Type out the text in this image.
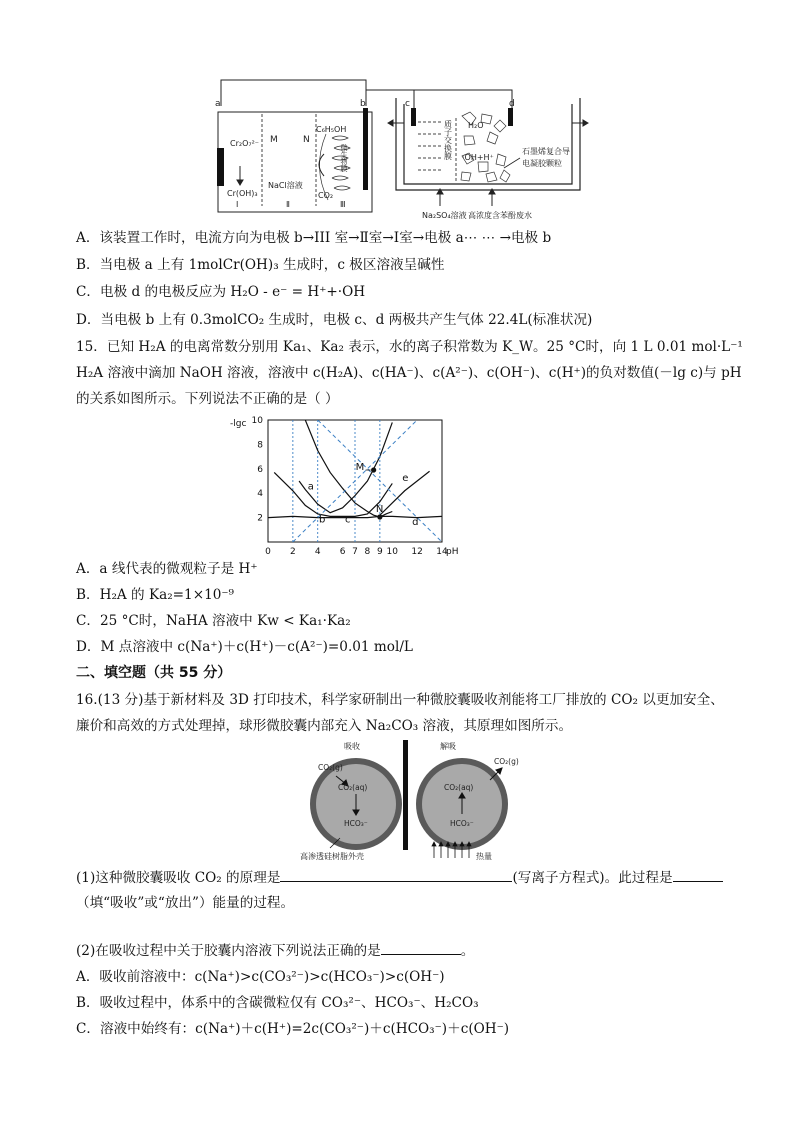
a	b	c	d
Cr₂O₇²⁻
Cr(OH)₃
M	N
NaCl溶液
C₆H₅OH
CO₂
Ⅰ	Ⅱ	Ⅲ
微生物膜	质子交换膜 H₂O
·OH+H⁺
石墨烯复合导
电凝胶颗粒
Na₂SO₄溶液 高浓度含苯酚废水
A．该装置工作时，电流方向为电极 b→III 室→Ⅱ室→Ⅰ室→电极 a⋯ ⋯ →电极 b
B．当电极 a 上有 1molCr(OH)₃ 生成时，c 极区溶液呈碱性
C．电极 d 的电极反应为 H₂O - e⁻ = H⁺+·OH
D．当电极 b 上有 0.3molCO₂ 生成时，电极 c、d 两极共产生气体 22.4L(标准状况)
15．已知 H₂A 的电离常数分别用 Ka₁、Ka₂ 表示，水的离子积常数为 K_W。25 °C时，向 1 L 0.01 mol·L⁻¹
H₂A 溶液中滴加 NaOH 溶液，溶液中 c(H₂A)、c(HA⁻)、c(A²⁻)、c(OH⁻)、c(H⁺)的负对数值(－lg c)与 pH
的关系如图所示。下列说法不正确的是（ ）
a
b c	d
e
M
N
0 2 4 6 7 8 9 10 12 14
2
4
6
8
10
-lgc
pH
A．a 线代表的微观粒子是 H⁺
B．H₂A 的 Ka₂=1×10⁻⁹
C．25 °C时，NaHA 溶液中 Kw < Ka₁·Ka₂
D．M 点溶液中 c(Na⁺)＋c(H⁺)－c(A²⁻)=0.01 mol/L
二、填空题（共 55 分）
16.(13 分)基于新材料及 3D 打印技术，科学家研制出一种微胶囊吸收剂能将工厂排放的 CO₂ 以更加安全、
廉价和高效的方式处理掉，球形微胶囊内部充入 Na₂CO₃ 溶液，其原理如图所示。
吸收	解吸
CO₂(g)
CO₂(aq)
HCO₃⁻
CO₂(aq)
HCO₃⁻
CO₂(g)
高渗透硅树脂外壳	热量
(1)这种微胶囊吸收 CO₂ 的原理是	(写离子方程式)。此过程是
（填“吸收”或“放出”）能量的过程。
(2)在吸收过程中关于胶囊内溶液下列说法正确的是	。
A．吸收前溶液中：c(Na⁺)>c(CO₃²⁻)>c(HCO₃⁻)>c(OH⁻)
B．吸收过程中，体系中的含碳微粒仅有 CO₃²⁻、HCO₃⁻、H₂CO₃
C．溶液中始终有：c(Na⁺)＋c(H⁺)=2c(CO₃²⁻)＋c(HCO₃⁻)＋c(OH⁻)
